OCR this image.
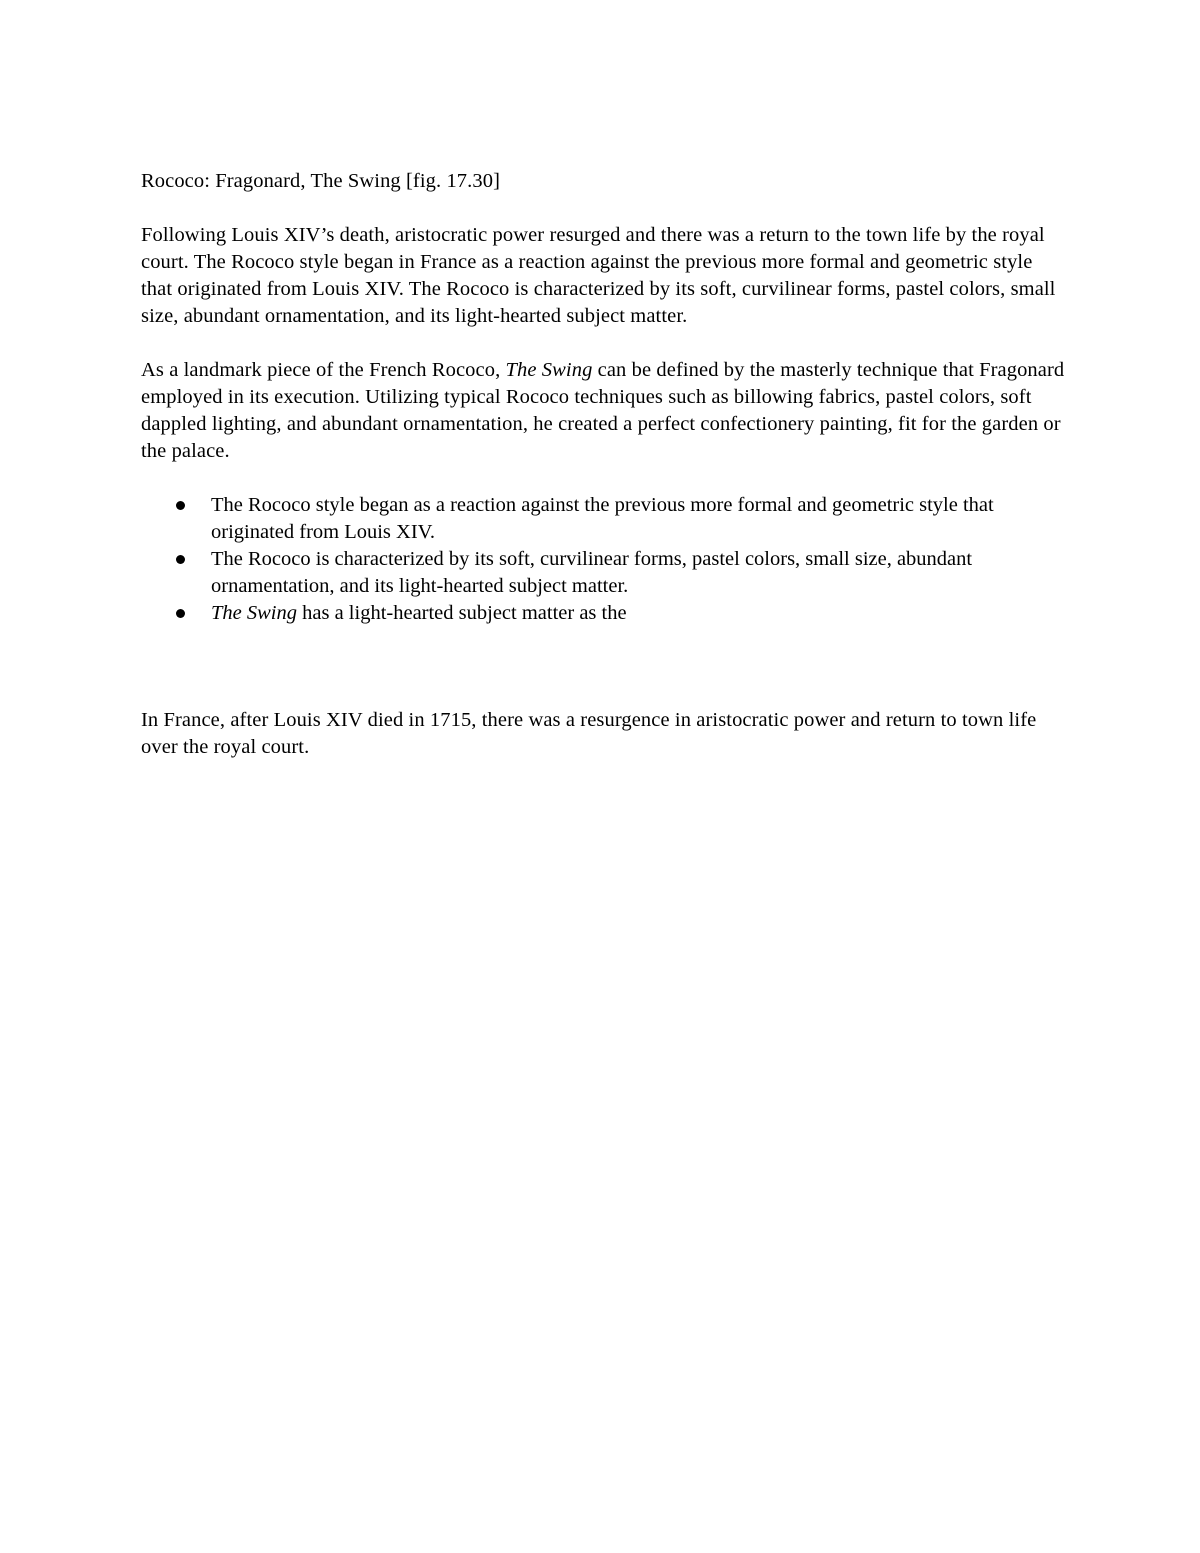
Rococo: Fragonard, The Swing [fig. 17.30]

Following Louis XIV’s death, aristocratic power resurged and there was a return to the town life by the royal court. The Rococo style began in France as a reaction against the previous more formal and geometric style that originated from Louis XIV. The Rococo is characterized by its soft, curvilinear forms, pastel colors, small size, abundant ornamentation, and its light-hearted subject matter.

As a landmark piece of the French Rococo, The Swing can be defined by the masterly technique that Fragonard employed in its execution. Utilizing typical Rococo techniques such as billowing fabrics, pastel colors, soft dappled lighting, and abundant ornamentation, he created a perfect confectionery painting, fit for the garden or the palace.

The Rococo style began as a reaction against the previous more formal and geometric style that originated from Louis XIV.
The Rococo is characterized by its soft, curvilinear forms, pastel colors, small size, abundant ornamentation, and its light-hearted subject matter.
The Swing has a light-hearted subject matter as the

In France, after Louis XIV died in 1715, there was a resurgence in aristocratic power and return to town life over the royal court.
